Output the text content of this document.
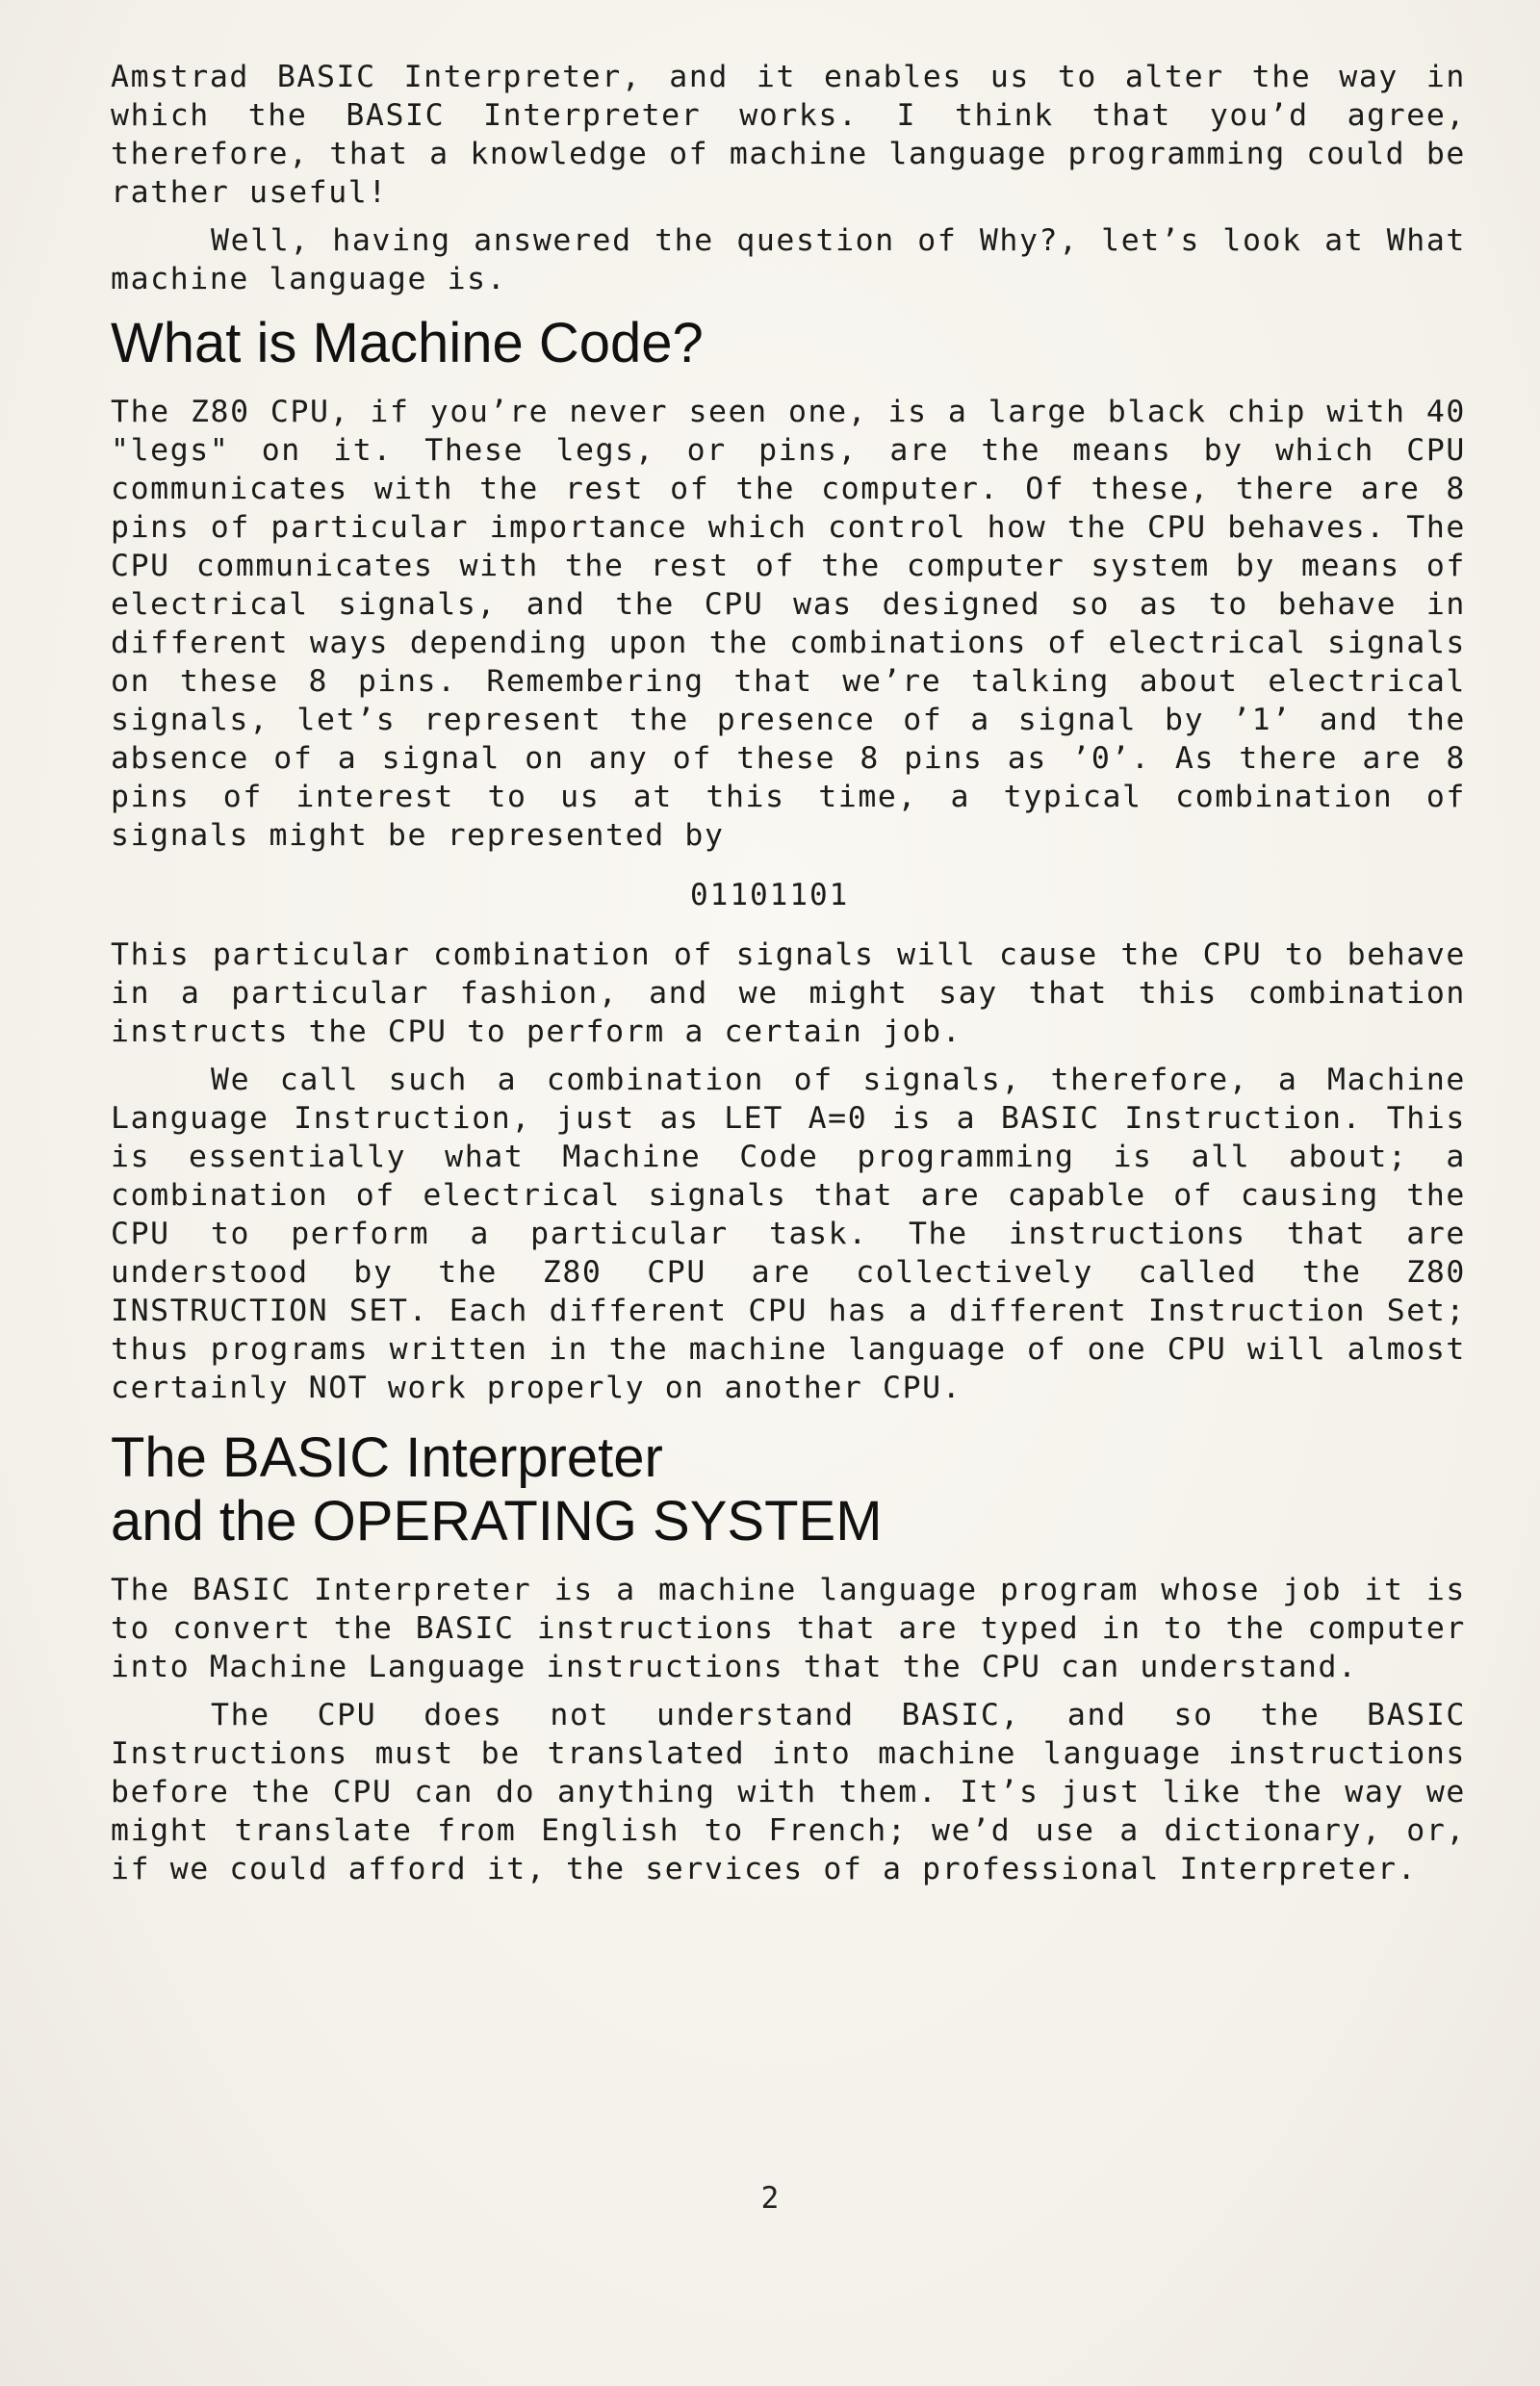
Amstrad BASIC Interpreter, and it enables us to alter the way in which the BASIC Interpreter works. I think that you’d agree, therefore, that a knowledge of machine language programming could be rather useful!

Well, having answered the question of Why?, let’s look at What machine language is.

What is Machine Code?

The Z80 CPU, if you’re never seen one, is a large black chip with 40 "legs" on it. These legs, or pins, are the means by which CPU communicates with the rest of the computer. Of these, there are 8 pins of particular importance which control how the CPU behaves. The CPU communicates with the rest of the computer system by means of electrical signals, and the CPU was designed so as to behave in different ways depending upon the combinations of electrical signals on these 8 pins. Remembering that we’re talking about electrical signals, let’s represent the presence of a signal by ’1’ and the absence of a signal on any of these 8 pins as ’0’. As there are 8 pins of interest to us at this time, a typical combination of signals might be represented by

01101101

This particular combination of signals will cause the CPU to behave in a particular fashion, and we might say that this combination instructs the CPU to perform a certain job.

We call such a combination of signals, therefore, a Machine Language Instruction, just as LET A=0 is a BASIC Instruction. This is essentially what Machine Code programming is all about; a combination of electrical signals that are capable of causing the CPU to perform a particular task. The instructions that are understood by the Z80 CPU are collectively called the Z80 INSTRUCTION SET. Each different CPU has a different Instruction Set; thus programs written in the machine language of one CPU will almost certainly NOT work properly on another CPU.

The BASIC Interpreter
and the OPERATING SYSTEM

The BASIC Interpreter is a machine language program whose job it is to convert the BASIC instructions that are typed in to the computer into Machine Language instructions that the CPU can understand.

The CPU does not understand BASIC, and so the BASIC Instructions must be translated into machine language instructions before the CPU can do anything with them. It’s just like the way we might translate from English to French; we’d use a dictionary, or, if we could afford it, the services of a professional Interpreter.

2
